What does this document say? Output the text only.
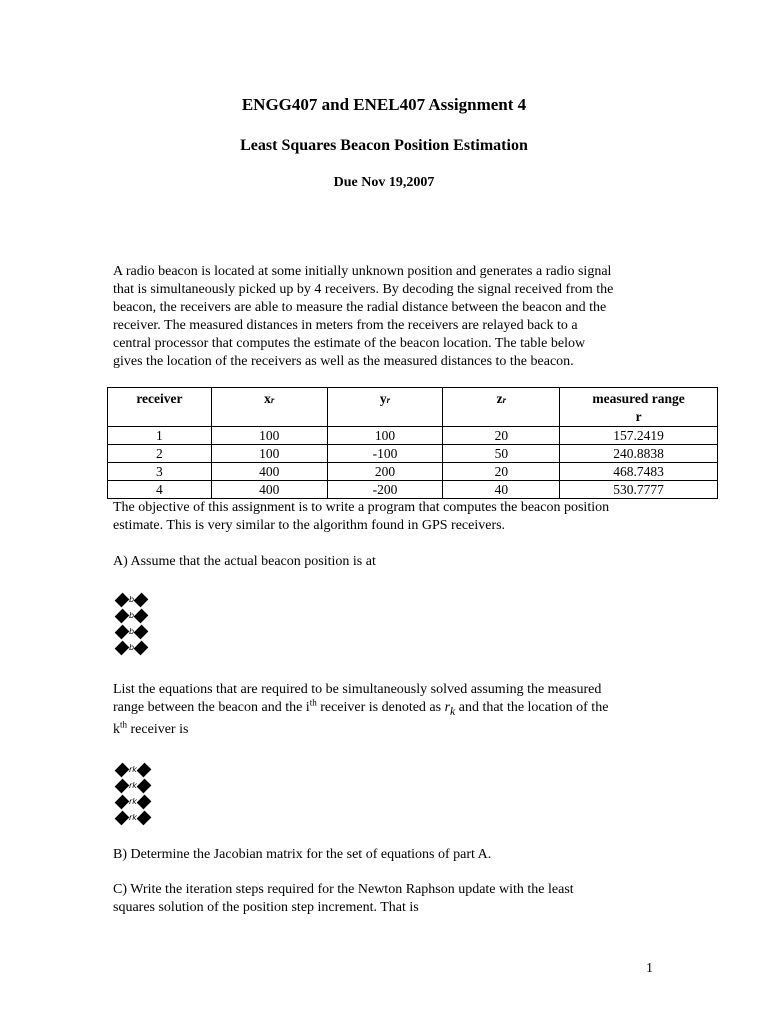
ENGG407 and ENEL407 Assignment 4
Least Squares Beacon Position Estimation
Due Nov 19,2007

A radio beacon is located at some initially unknown position and generates a radio signal
that is simultaneously picked up by 4 receivers. By decoding the signal received from the
beacon, the receivers are able to measure the radial distance between the beacon and the
receiver. The measured distances in meters from the receivers are relayed back to a
central processor that computes the estimate of the beacon location. The table below
gives the location of the receivers as well as the measured distances to the beacon.

receiver	xr	yr	zr	measured range
r
1	100	100	20	157.2419
2	100	-100	50	240.8838
3	400	200	20	468.7483
4	400	-200	40	530.7777

The objective of this assignment is to write a program that computes the beacon position
estimate. This is very similar to the algorithm found in GPS receivers.

A) Assume that the actual beacon position is at

b
b
b
b

List the equations that are required to be simultaneously solved assuming the measured
range between the beacon and the $i^{th}$ receiver is denoted as $r_k$ and that the location of the
$k^{th}$ receiver is

rk
rk
rk
rk

B) Determine the Jacobian matrix for the set of equations of part A.

C) Write the iteration steps required for the Newton Raphson update with the least
squares solution of the position step increment. That is

1
